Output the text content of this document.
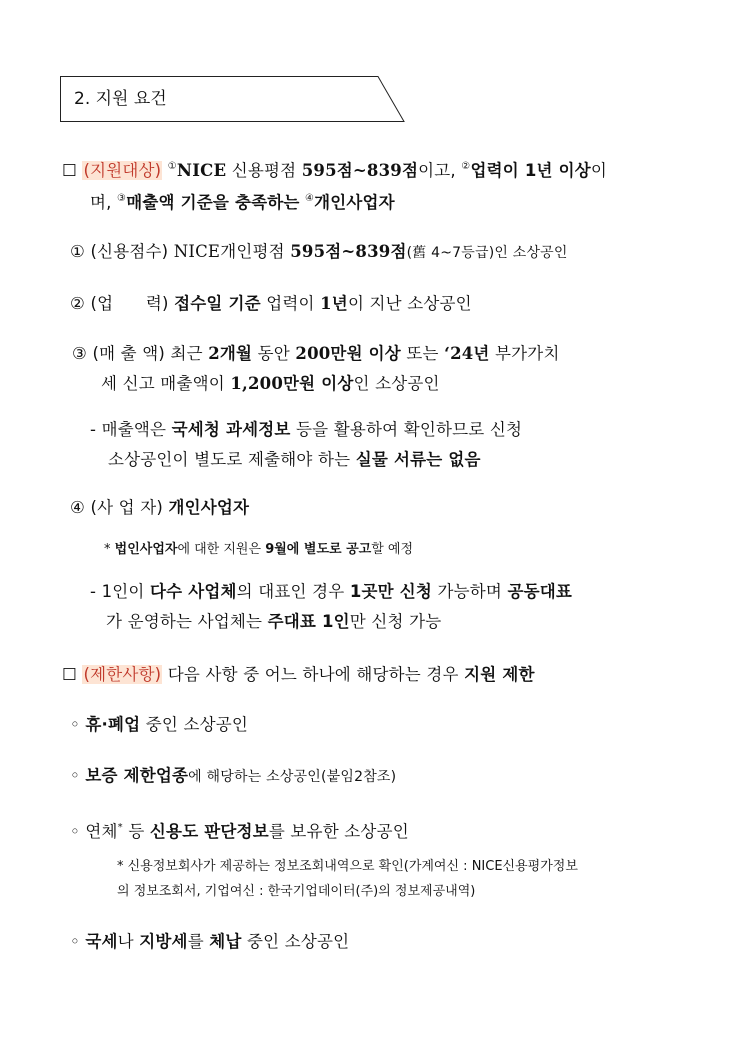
2. 지원 요건
☐ (지원대상) ①NICE 신용평점 595점~839점이고, ②업력이 1년 이상이
며, ③매출액 기준을 충족하는 ④개인사업자
① (신용점수) NICE개인평점 595점~839점(舊 4~7등급)인 소상공인
② (업      력) 접수일 기준 업력이 1년이 지난 소상공인
③ (매 출 액) 최근 2개월 동안 200만원 이상 또는 ‘24년 부가가치
세 신고 매출액이 1,200만원 이상인 소상공인
- 매출액은 국세청 과세정보 등을 활용하여 확인하므로 신청
소상공인이 별도로 제출해야 하는 실물 서류는 없음
④ (사 업 자) 개인사업자
* 법인사업자에 대한 지원은 9월에 별도로 공고할 예정
- 1인이 다수 사업체의 대표인 경우 1곳만 신청 가능하며 공동대표
가 운영하는 사업체는 주대표 1인만 신청 가능
☐ (제한사항) 다음 사항 중 어느 하나에 해당하는 경우 지원 제한
◦ 휴·폐업 중인 소상공인
◦ 보증 제한업종에 해당하는 소상공인(붙임2참조)
◦ 연체* 등 신용도 판단정보를 보유한 소상공인
* 신용정보회사가 제공하는 정보조회내역으로 확인(가계여신 : NICE신용평가정보
의 정보조회서, 기업여신 : 한국기업데이터(주)의 정보제공내역)
◦ 국세나 지방세를 체납 중인 소상공인
